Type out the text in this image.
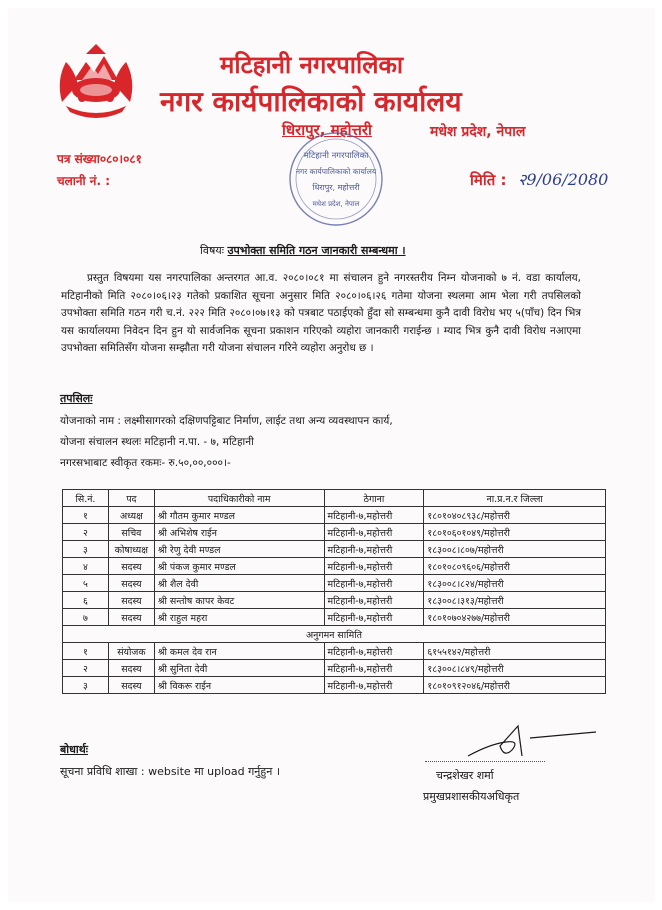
मटिहानी नगरपालिका
नगर कार्यपालिकाको कार्यालय
धिरापुर, महोत्तरी	मधेश प्रदेश, नेपाल
पत्र संख्या०८०।०८१
चलानी नं. :
मटिहानी नगरपालिका
नगर कार्यपालिकाको कार्यालय
धिरापुर, महोत्तरी
मधेश प्रदेश, नेपाल
मिति : २9/06/2080
विषयः उपभोक्ता समिति गठन जानकारी सम्बन्धमा ।
प्रस्तुत विषयमा यस नगरपालिका अन्तरगत आ.व. २०८०।०८१ मा संचालन हुने नगरस्तरीय निम्न योजनाको ७ नं. वडा कार्यालय, मटिहानीको मिति २०८०।०६।२३ गतेको प्रकाशित सूचना अनुसार मिति २०८०।०६।२६ गतेमा योजना स्थलमा आम भेला गरी तपसिलको उपभोक्ता समिति गठन गरी च.नं. २२२ मिति २०८०।०७।१३ को पत्रबाट पठाईएको हुँदा सो सम्बन्धमा कुनै दावी विरोध भए ५(पाँच) दिन भित्र यस कार्यालयमा निवेदन दिन हुन यो सार्वजनिक सूचना प्रकाशन गरिएको व्यहोरा जानकारी गराईन्छ । म्याद भित्र कुनै दावी विरोध नआएमा उपभोक्ता समितिसँग योजना सम्झौता गरी योजना संचालन गरिने व्यहोरा अनुरोध छ ।
तपसिलः
योजनाको नाम : लक्ष्मीसागरको दक्षिणपट्टिबाट निर्माण, लाईट तथा अन्य व्यवस्थापन कार्य,
योजना संचालन स्थलः मटिहानी न.पा. - ७, मटिहानी
नगरसभाबाट स्वीकृत रकमः- रु.५०,००,०००।-
सि.नं.	पद	पदाधिकारीको नाम	ठेगाना	ना.प्र.न.र जिल्ला
१	अध्यक्ष	श्री गौतम कुमार मण्डल	मटिहानी-७,महोत्तरी	१८०१०४०८९३८/महोत्तरी
२	सचिव	श्री अभिशेष राईन	मटिहानी-७,महोत्तरी	१८०१०६०१०४९/महोत्तरी
३	कोषाध्यक्ष	श्री रेणु देवी मण्डल	मटिहानी-७,महोत्तरी	१८३००८।८०७/महोत्तरी
४	सदस्य	श्री पंकज कुमार मण्डल	मटिहानी-७,महोत्तरी	१८०१०८०९६०६/महोत्तरी
५	सदस्य	श्री शैल देवी	मटिहानी-७,महोत्तरी	१८३००८।८२४/महोत्तरी
६	सदस्य	श्री सन्तोष कापर केवट	मटिहानी-७,महोत्तरी	१८३००८।३१३/महोत्तरी
७	सदस्य	श्री राहुल महरा	मटिहानी-७,महोत्तरी	१८०१०७०४२७७/महोत्तरी
अनुगमन सामिति				
१	संयोजक	श्री कमल देव रान	मटिहानी-७,महोत्तरी	६१५५१४२/महोत्तरी
२	सदस्य	श्री सुनिता देवी	मटिहानी-७,महोत्तरी	१८३००८।८४९/महोत्तरी
३	सदस्य	श्री विकरू राईन	मटिहानी-७,महोत्तरी	१८०१०९१२०४६/महोत्तरी
बोधार्थः
सूचना प्रविधि शाखा : website मा upload गर्नुहुन ।	चन्द्रशेखर शर्मा
प्रमुखप्रशासकीयअधिकृत
